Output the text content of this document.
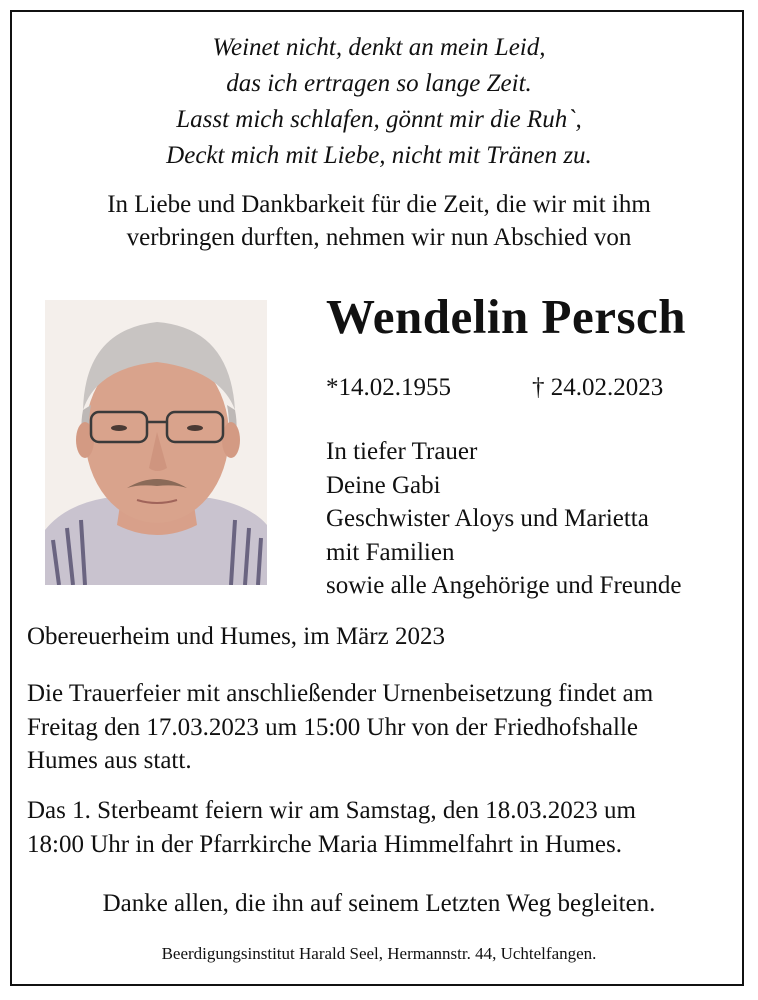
Weinet nicht, denkt an mein Leid,
das ich ertragen so lange Zeit.
Lasst mich schlafen, gönnt mir die Ruh`,
Deckt mich mit Liebe, nicht mit Tränen zu.
In Liebe und Dankbarkeit für die Zeit, die wir mit ihm
verbringen durften, nehmen wir nun Abschied von
Wendelin Persch
*14.02.1955	† 24.02.2023
In tiefer Trauer
Deine Gabi
Geschwister Aloys und Marietta
mit Familien
sowie alle Angehörige und Freunde
Obereuerheim und Humes, im März 2023
Die Trauerfeier mit anschließender Urnenbeisetzung findet am
Freitag den 17.03.2023 um 15:00 Uhr von der Friedhofshalle
Humes aus statt.
Das 1. Sterbeamt feiern wir am Samstag, den 18.03.2023 um
18:00 Uhr in der Pfarrkirche Maria Himmelfahrt in Humes.
Danke allen, die ihn auf seinem Letzten Weg begleiten.
Beerdigungsinstitut Harald Seel, Hermannstr. 44, Uchtelfangen.
